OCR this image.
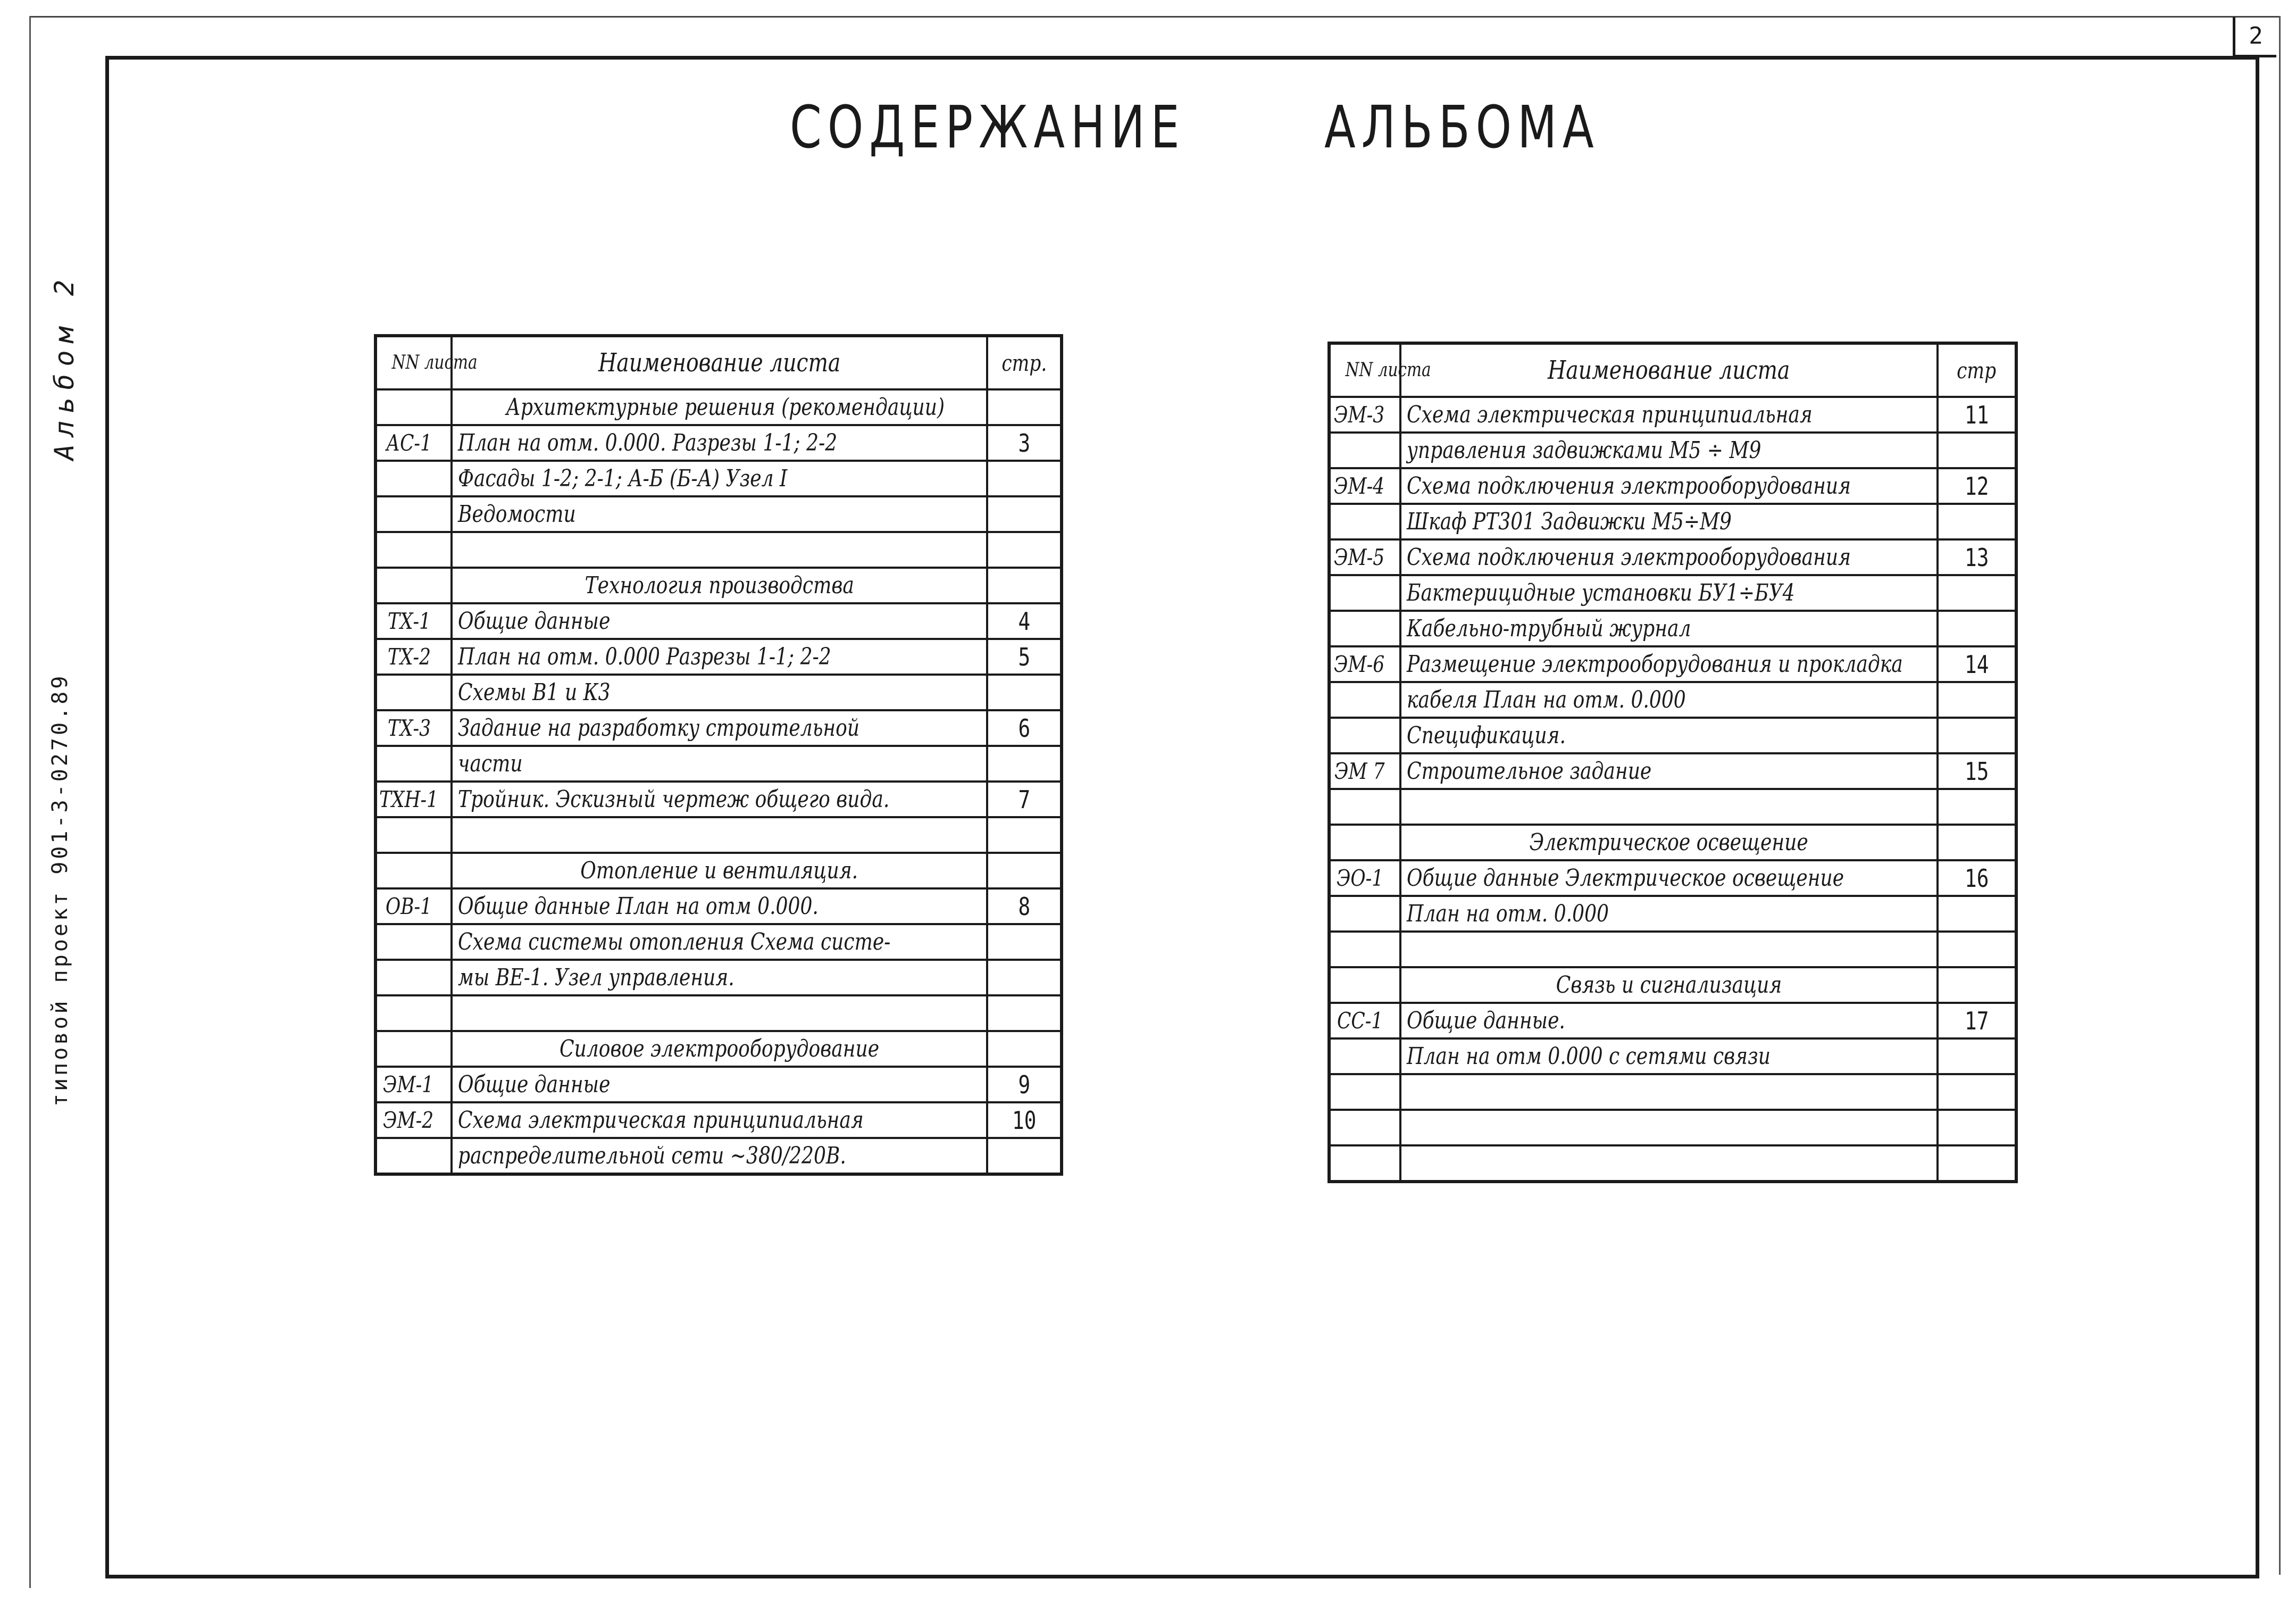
2
типовой проект 901-3-0270.89
Альбом 2
СОДЕРЖАНИЕ АЛЬБОМА
NN листа	Наименование листа	стр.
	Архитектурные решения (рекомендации)	
АС-1	План на отм. 0.000. Разрезы 1-1; 2-2	3
	Фасады 1-2; 2-1; А-Б (Б-А) Узел I	
	Ведомости	

	Технология производства	
ТХ-1	Общие данные	4
ТХ-2	План на отм. 0.000 Разрезы 1-1; 2-2	5
	Схемы В1 и К3	
ТХ-3	Задание на разработку строительной	6
	части	
ТХН-1	Тройник. Эскизный чертеж общего вида.	7

	Отопление и вентиляция.	
ОВ-1	Общие данные План на отм 0.000.	8
	Схема системы отопления Схема систе-	
	мы ВЕ-1. Узел управления.	

	Силовое электрооборудование	
ЭМ-1	Общие данные	9
ЭМ-2	Схема электрическая принципиальная	10
	распределительной сети ~380/220В.	
NN листа	Наименование листа	стр
ЭМ-3	Схема электрическая принципиальная	11
	управления задвижками М5 ÷ М9	
ЭМ-4	Схема подключения электрооборудования	12
	Шкаф РТ301 Задвижки М5÷М9	
ЭМ-5	Схема подключения электрооборудования	13
	Бактерицидные установки БУ1÷БУ4	
	Кабельно-трубный журнал	
ЭМ-6	Размещение электрооборудования и прокладка	14
	кабеля План на отм. 0.000	
	Спецификация.	
ЭМ 7	Строительное задание	15

	Электрическое освещение	
ЭО-1	Общие данные Электрическое освещение	16
	План на отм. 0.000	

	Связь и сигнализация	
СС-1	Общие данные.	17
	План на отм 0.000 с сетями связи	
